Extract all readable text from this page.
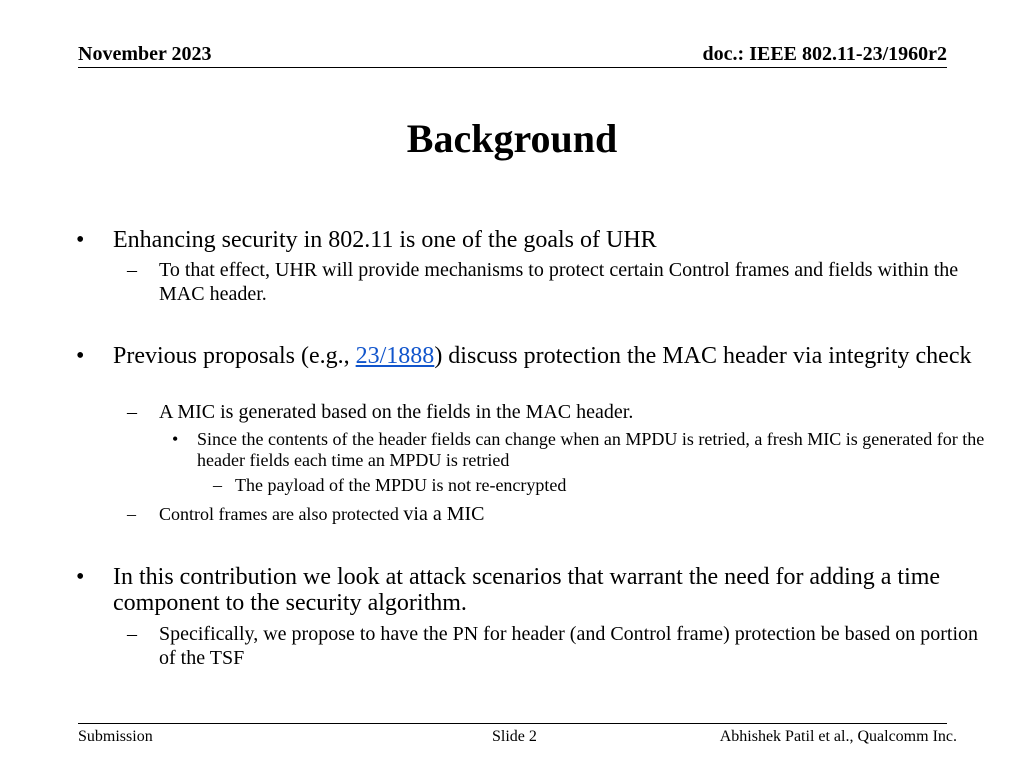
November 2023	doc.: IEEE 802.11-23/1960r2
Background
• Enhancing security in 802.11 is one of the goals of UHR
– To that effect, UHR will provide mechanisms to protect certain Control frames and fields within the MAC header.
• Previous proposals (e.g., 23/1888) discuss protection the MAC header via integrity check
– A MIC is generated based on the fields in the MAC header.
• Since the contents of the header fields can change when an MPDU is retried, a fresh MIC is generated for the header fields each time an MPDU is retried
– The payload of the MPDU is not re-encrypted
– Control frames are also protected via a MIC
• In this contribution we look at attack scenarios that warrant the need for adding a time component to the security algorithm.
– Specifically, we propose to have the PN for header (and Control frame) protection be based on portion of the TSF
Submission	Slide 2	Abhishek Patil et al., Qualcomm Inc.
